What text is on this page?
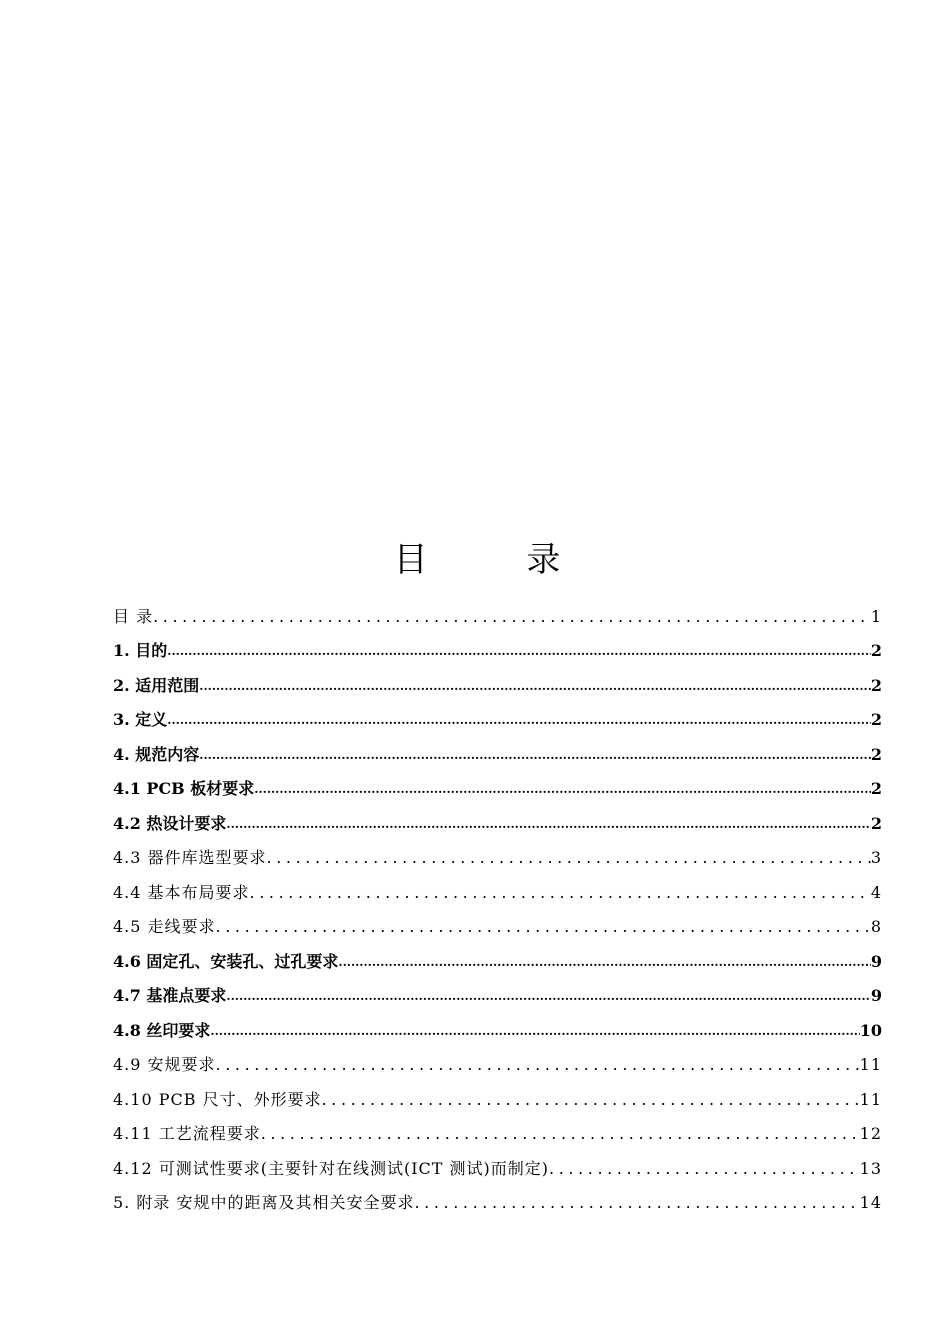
目 录
目 录 .....	1
1. 目的 .....	2
2. 适用范围 .....	2
3. 定义 .....	2
4. 规范内容 .....	2
4.1 PCB 板材要求 .....	2
4.2 热设计要求 .....	2
4.3 器件库选型要求 .....	3
4.4 基本布局要求 .....	4
4.5 走线要求 .....	8
4.6 固定孔、安装孔、过孔要求 .....	9
4.7 基准点要求 .....	9
4.8 丝印要求 .....	10
4.9 安规要求 .....	11
4.10 PCB 尺寸、外形要求 .....	11
4.11 工艺流程要求 .....	12
4.12 可测试性要求(主要针对在线测试(ICT 测试)而制定) .....	13
5. 附录 安规中的距离及其相关安全要求 .....	14
